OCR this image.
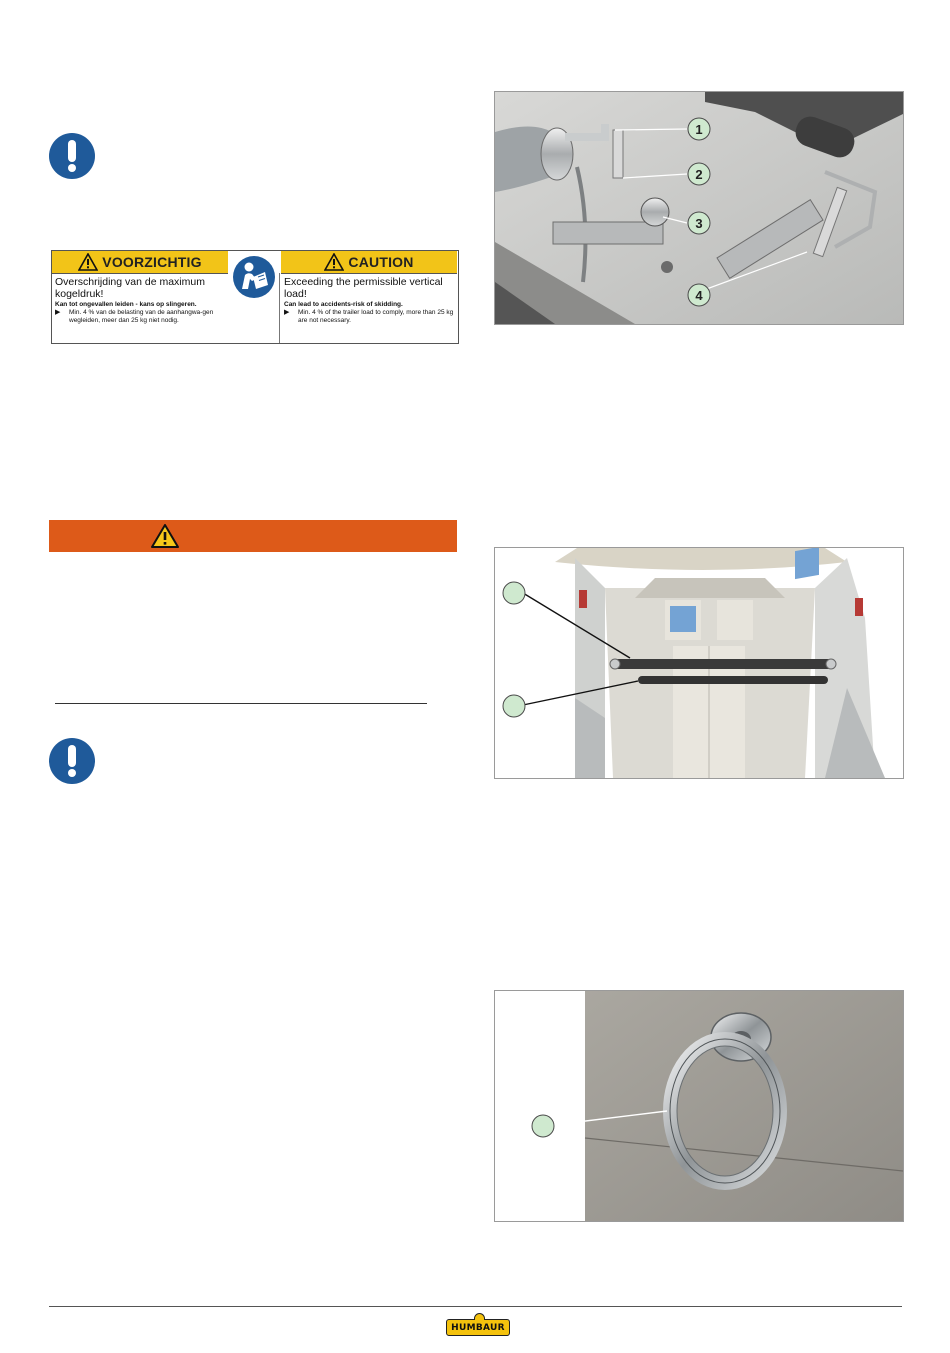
VOORZICHTIG
Overschrijding van de maximum kogeldruk!
Kan tot ongevallen leiden - kans op slingeren.
▶	Min. 4 % van de belasting van de aanhangwa-gen wegleiden, meer dan 25 kg niet nodig.
CAUTION
Exceeding the permissible vertical load!
Can lead to accidents-risk of skidding.
▶	Min. 4 % of the trailer load to comply, more than 25 kg are not necessary.
1
2
3
4
HUMBAUR
